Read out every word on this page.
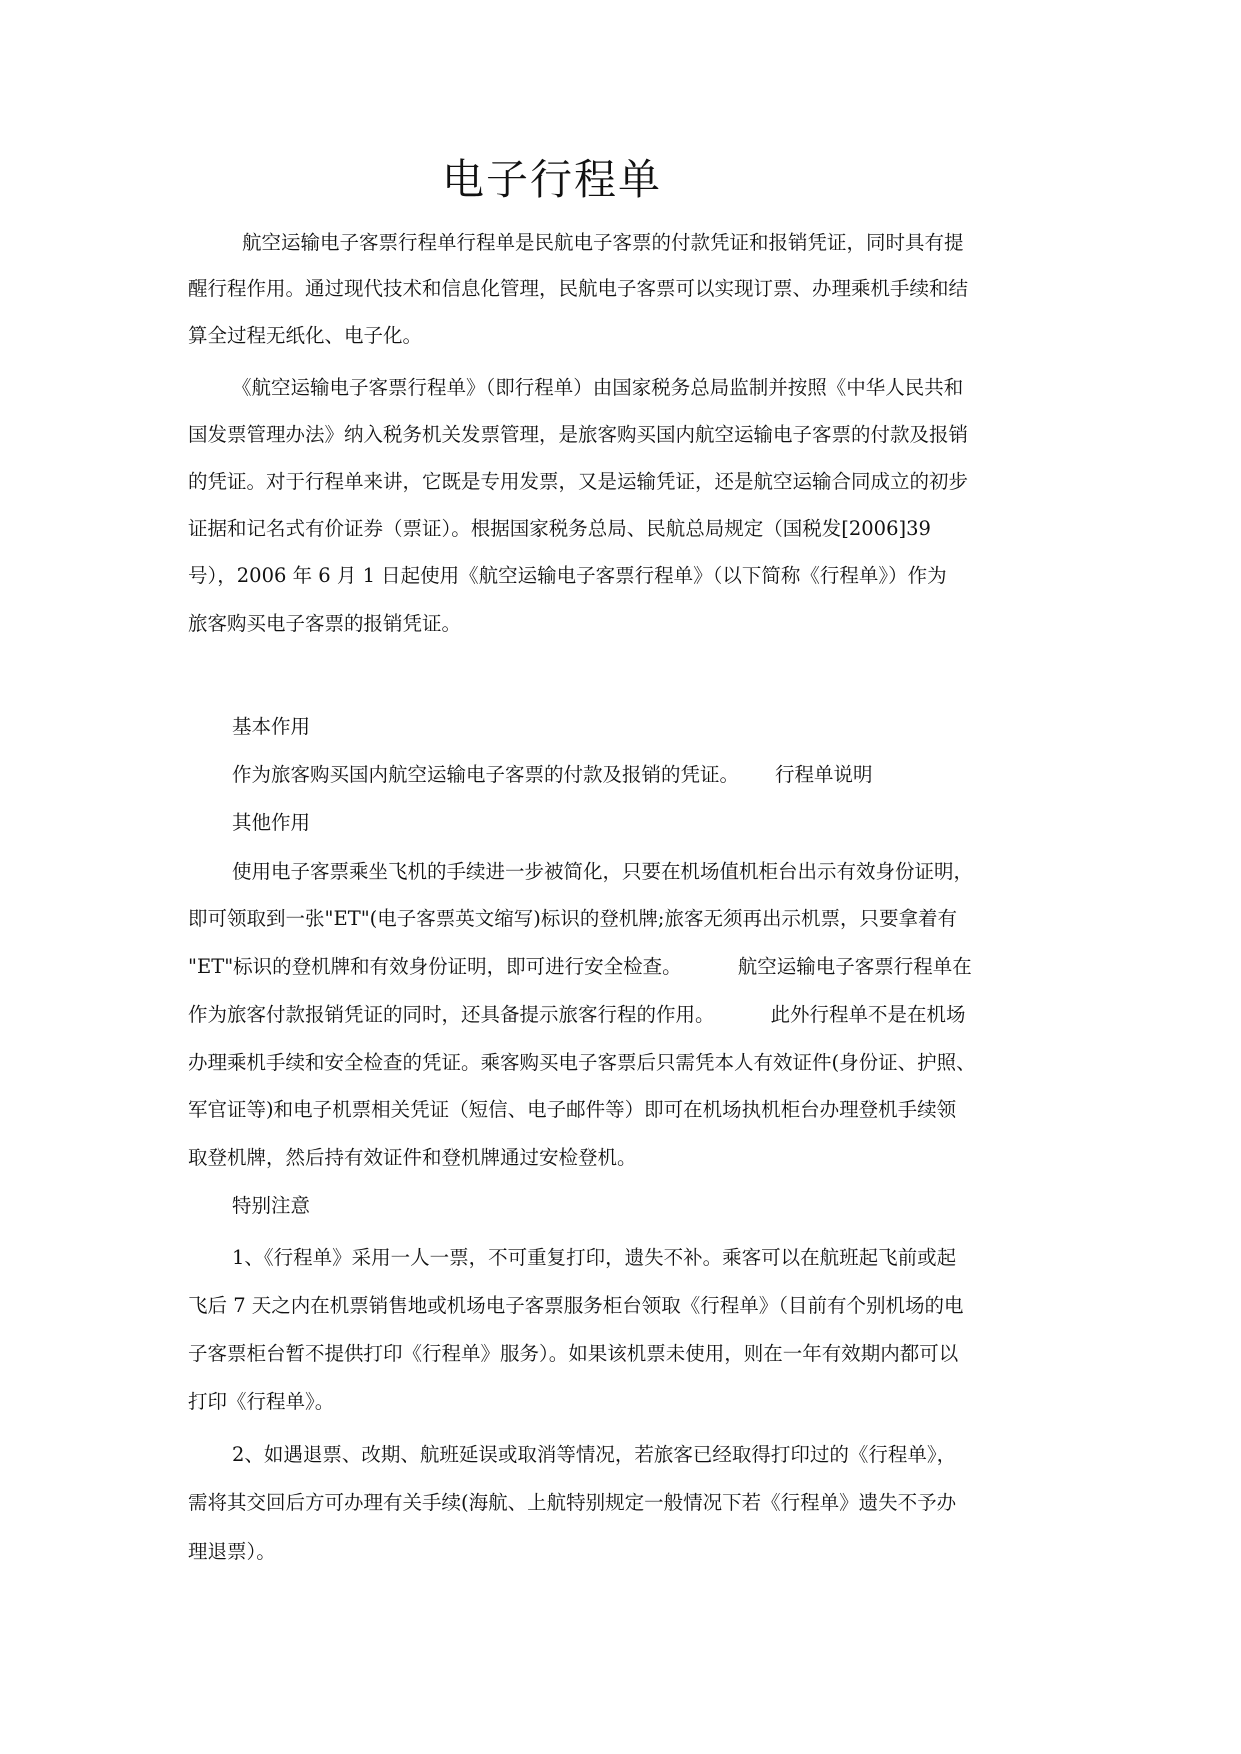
电子行程单

航空运输电子客票行程单行程单是民航电子客票的付款凭证和报销凭证，同时具有提

醒行程作用。通过现代技术和信息化管理，民航电子客票可以实现订票、办理乘机手续和结

算全过程无纸化、电子化。

《航空运输电子客票行程单》（即行程单）由国家税务总局监制并按照《中华人民共和

国发票管理办法》纳入税务机关发票管理，是旅客购买国内航空运输电子客票的付款及报销

的凭证。对于行程单来讲，它既是专用发票，又是运输凭证，还是航空运输合同成立的初步

证据和记名式有价证券（票证）。根据国家税务总局、民航总局规定（国税发[2006]39

号），2006 年 6 月 1 日起使用《航空运输电子客票行程单》（以下简称《行程单》）作为

旅客购买电子客票的报销凭证。

基本作用

作为旅客购买国内航空运输电子客票的付款及报销的凭证。 行程单说明

其他作用

使用电子客票乘坐飞机的手续进一步被简化，只要在机场值机柜台出示有效身份证明，

即可领取到一张"ET"(电子客票英文缩写)标识的登机牌;旅客无须再出示机票，只要拿着有

"ET"标识的登机牌和有效身份证明，即可进行安全检查。	航空运输电子客票行程单在

作为旅客付款报销凭证的同时，还具备提示旅客行程的作用。	此外行程单不是在机场

办理乘机手续和安全检查的凭证。乘客购买电子客票后只需凭本人有效证件(身份证、护照、

军官证等)和电子机票相关凭证（短信、电子邮件等）即可在机场执机柜台办理登机手续领

取登机牌，然后持有效证件和登机牌通过安检登机。

特别注意

1、《行程单》采用一人一票，不可重复打印，遗失不补。乘客可以在航班起飞前或起

飞后 7 天之内在机票销售地或机场电子客票服务柜台领取《行程单》（目前有个别机场的电

子客票柜台暂不提供打印《行程单》服务）。如果该机票未使用，则在一年有效期内都可以

打印《行程单》。

2、如遇退票、改期、航班延误或取消等情况，若旅客已经取得打印过的《行程单》，

需将其交回后方可办理有关手续(海航、上航特别规定一般情况下若《行程单》遗失不予办

理退票）。
